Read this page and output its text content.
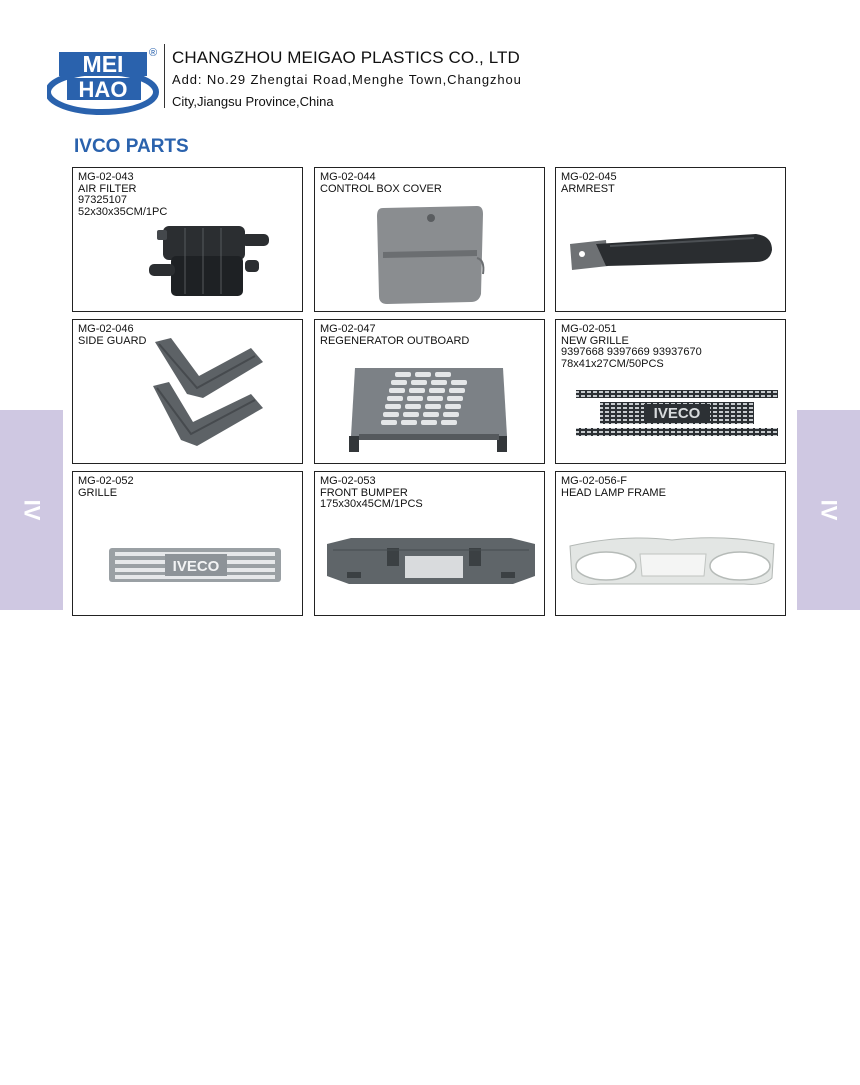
MEI
HAO
® CHANGZHOU MEIGAO PLASTICS CO., LTD
Add: No.29 Zhengtai Road,Menghe Town,Changzhou
City,Jiangsu Province,China
IVCO PARTS
IV	IV
MG-02-043
AIR FILTER
97325107
52x30x35CM/1PC
MG-02-044
CONTROL BOX COVER
MG-02-045
ARMREST
MG-02-046
SIDE GUARD
MG-02-047
REGENERATOR OUTBOARD
MG-02-051
NEW GRILLE
9397668 9397669 93937670
78x41x27CM/50PCS
IVECO
MG-02-052
GRILLE
IVECO
MG-02-053
FRONT BUMPER
175x30x45CM/1PCS
MG-02-056-F
HEAD LAMP FRAME
